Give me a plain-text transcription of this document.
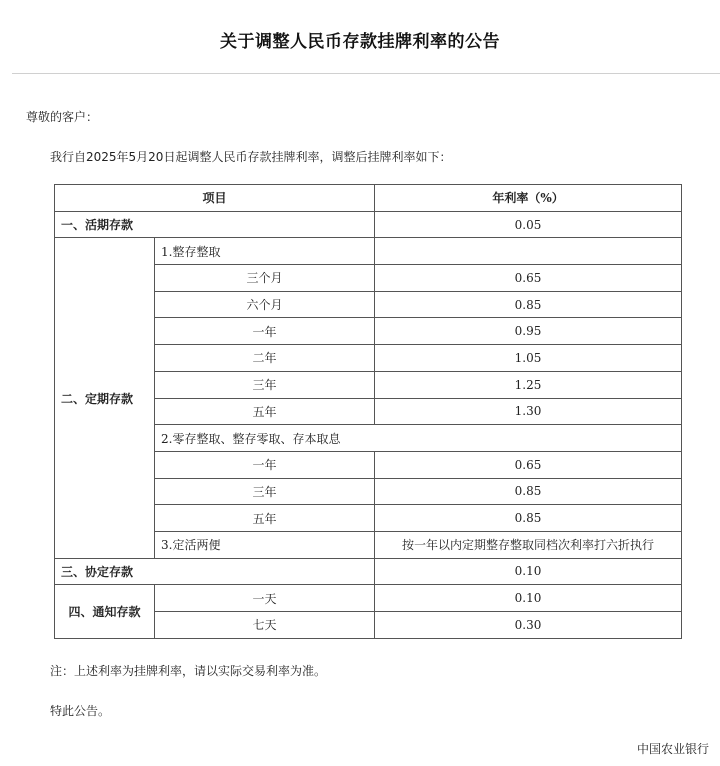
关于调整人民币存款挂牌利率的公告
尊敬的客户：
我行自2025年5月20日起调整人民币存款挂牌利率，调整后挂牌利率如下：
项目		年利率（%）
一、活期存款		0.05
二、定期存款	1.整存整取	
	三个月	0.65
	六个月	0.85
	一年	0.95
	二年	1.05
	三年	1.25
	五年	1.30
	2.零存整取、整存零取、存本取息	
	一年	0.65
	三年	0.85
	五年	0.85
	3.定活两便	按一年以内定期整存整取同档次利率打六折执行
三、协定存款		0.10
四、通知存款	一天	0.10
	七天	0.30
注：上述利率为挂牌利率，请以实际交易利率为准。
特此公告。
中国农业银行
